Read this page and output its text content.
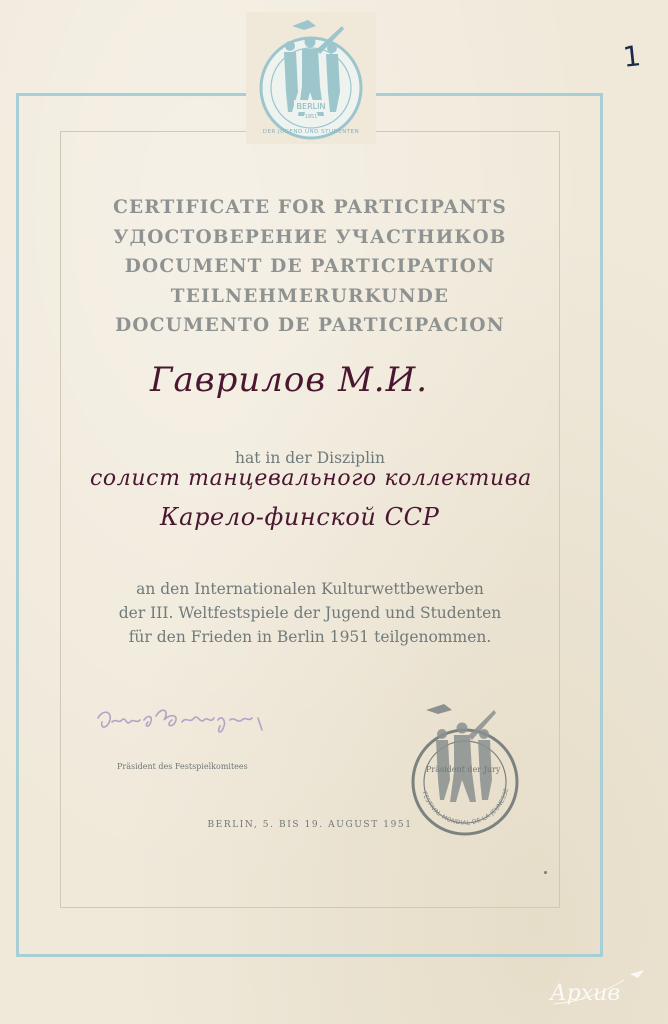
BERLIN
1951
DER JUGEND UND STUDENTEN
1
CERTIFICATE FOR PARTICIPANTS
УДОСТОВЕРЕНИЕ УЧАСТНИКОВ
DOCUMENT DE PARTICIPATION
TEILNEHMERURKUNDE
DOCUMENTO DE PARTICIPACION
Гаврилов М.И.
hat in der Disziplin
солист танцевального коллектива
Карело-финской ССР
an den Internationalen Kulturwettbewerben
der III. Weltfestspiele der Jugend und Studenten
für den Frieden in Berlin 1951 teilgenommen.
Präsident des Festspielkomitees
FESTIVAL MONDIAL DE LA JEUNESSE
Präsident der Jury
BERLIN, 5. BIS 19. AUGUST 1951
Архив
